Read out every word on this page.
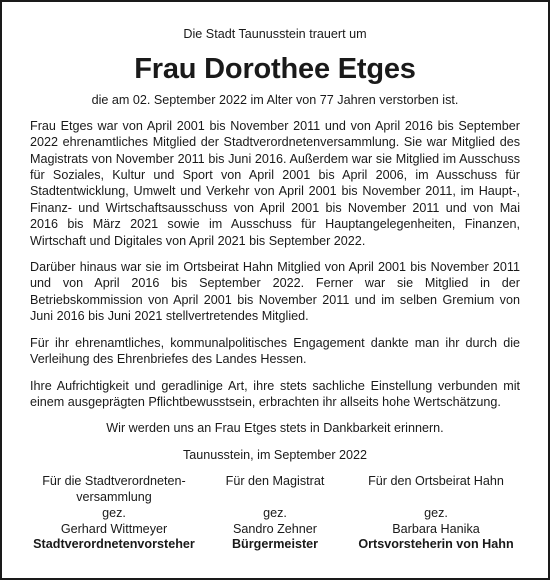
Die Stadt Taunusstein trauert um

Frau Dorothee Etges

die am 02. September 2022 im Alter von 77 Jahren verstorben ist.

Frau Etges war von April 2001 bis November 2011 und von April 2016 bis September 2022 ehrenamtliches Mitglied der Stadtverordnetenversammlung. Sie war Mitglied des Magistrats von November 2011 bis Juni 2016. Außerdem war sie Mitglied im Ausschuss für Soziales, Kultur und Sport von April 2001 bis April 2006, im Ausschuss für Stadtentwicklung, Umwelt und Verkehr von April 2001 bis November 2011, im Haupt-, Finanz- und Wirtschaftsausschuss von April 2001 bis November 2011 und von Mai 2016 bis März 2021 sowie im Ausschuss für Hauptangelegenheiten, Finanzen, Wirtschaft und Digitales von April 2021 bis September 2022.

Darüber hinaus war sie im Ortsbeirat Hahn Mitglied von April 2001 bis November 2011 und von April 2016 bis September 2022. Ferner war sie Mitglied in der Betriebskommission von April 2001 bis November 2011 und im selben Gremium von Juni 2016 bis Juni 2021 stellvertretendes Mitglied.

Für ihr ehrenamtliches, kommunalpolitisches Engagement dankte man ihr durch die Verleihung des Ehrenbriefes des Landes Hessen.

Ihre Aufrichtigkeit und geradlinige Art, ihre stets sachliche Einstellung verbunden mit einem ausgeprägten Pflichtbewusstsein, erbrachten ihr allseits hohe Wertschätzung.

Wir werden uns an Frau Etges stets in Dankbarkeit erinnern.

Taunusstein, im September 2022

Für die Stadtverordneten-
versammlung
gez.
Gerhard Wittmeyer
Stadtverordnetenvorsteher
Für den Magistrat
gez.
Sandro Zehner
Bürgermeister
Für den Ortsbeirat Hahn
gez.
Barbara Hanika
Ortsvorsteherin von Hahn
